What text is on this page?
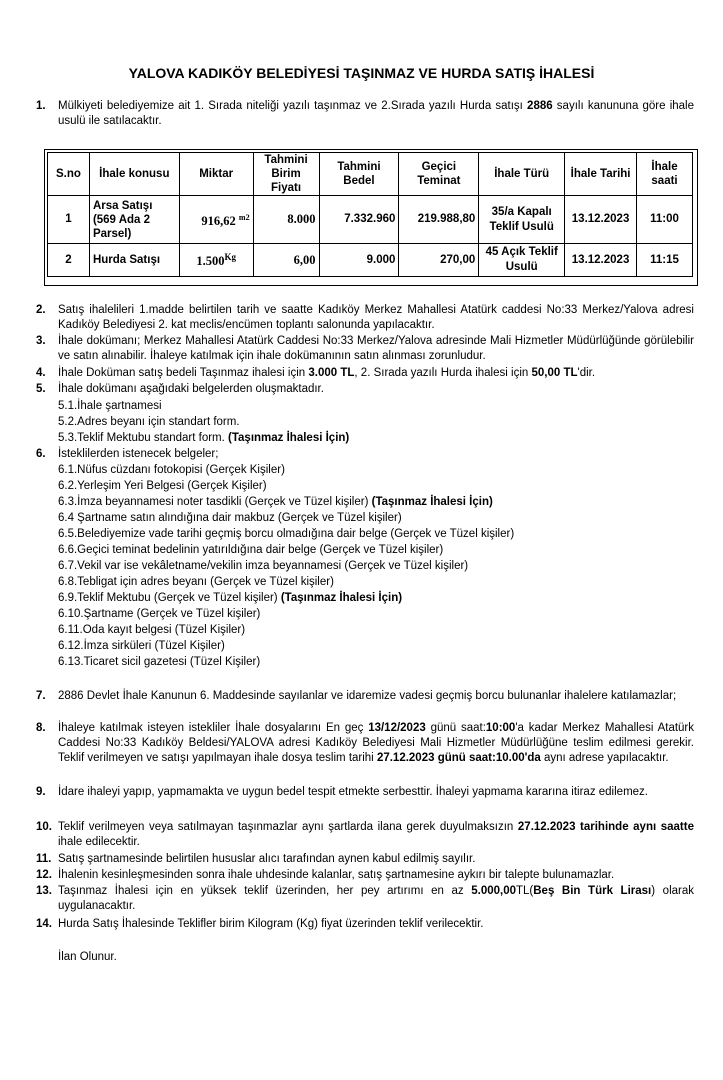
YALOVA KADIKÖY BELEDİYESİ TAŞINMAZ VE HURDA SATIŞ İHALESİ
1.	Mülkiyeti belediyemize ait 1. Sırada niteliği yazılı taşınmaz ve 2.Sırada yazılı Hurda satışı 2886 sayılı kanununa göre ihale usulü ile satılacaktır.
S.no	İhale konusu	Miktar	Tahmini Birim Fiyatı	Tahmini Bedel	Geçici Teminat	İhale Türü	İhale Tarihi	İhale saati
1	Arsa Satışı (569 Ada 2 Parsel)	916,62 $^{m2}$	8.000	7.332.960	219.988,80	35/a Kapalı Teklif Usulü	13.12.2023	11:00
2	Hurda Satışı	$1.500^{Kg}$	6,00	9.000	270,00	45 Açık Teklif Usulü	13.12.2023	11:15
2.	Satış ihalelileri 1.madde belirtilen tarih ve saatte Kadıköy Merkez Mahallesi Atatürk caddesi No:33 Merkez/Yalova adresi Kadıköy Belediyesi 2. kat meclis/encümen toplantı salonunda yapılacaktır.
3.	İhale dokümanı; Merkez Mahallesi Atatürk Caddesi No:33 Merkez/Yalova adresinde Mali Hizmetler Müdürlüğünde görülebilir ve satın alınabilir. İhaleye katılmak için ihale dokümanının satın alınması zorunludur.
4.	İhale Doküman satış bedeli Taşınmaz ihalesi için 3.000 TL, 2. Sırada yazılı Hurda ihalesi için 50,00 TL'dir.
5.	İhale dokümanı aşağıdaki belgelerden oluşmaktadır.
5.1.İhale şartnamesi
5.2.Adres beyanı için standart form.
5.3.Teklif Mektubu standart form. (Taşınmaz İhalesi İçin)
6.	İsteklilerden istenecek belgeler;
6.1.Nüfus cüzdanı fotokopisi (Gerçek Kişiler)
6.2.Yerleşim Yeri Belgesi (Gerçek Kişiler)
6.3.İmza beyannamesi noter tasdikli (Gerçek ve Tüzel kişiler) (Taşınmaz İhalesi İçin)
6.4 Şartname satın alındığına dair makbuz (Gerçek ve Tüzel kişiler)
6.5.Belediyemize vade tarihi geçmiş borcu olmadığına dair belge (Gerçek ve Tüzel kişiler)
6.6.Geçici teminat bedelinin yatırıldığına dair belge (Gerçek ve Tüzel kişiler)
6.7.Vekil var ise vekâletname/vekilin imza beyannamesi (Gerçek ve Tüzel kişiler)
6.8.Tebligat için adres beyanı (Gerçek ve Tüzel kişiler)
6.9.Teklif Mektubu (Gerçek ve Tüzel kişiler) (Taşınmaz İhalesi İçin)
6.10.Şartname (Gerçek ve Tüzel kişiler)
6.11.Oda kayıt belgesi (Tüzel Kişiler)
6.12.İmza sirküleri (Tüzel Kişiler)
6.13.Ticaret sicil gazetesi (Tüzel Kişiler)
7.	2886 Devlet İhale Kanunun 6. Maddesinde sayılanlar ve idaremize vadesi geçmiş borcu bulunanlar ihalelere katılamazlar;
8.	İhaleye katılmak isteyen istekliler İhale dosyalarını En geç 13/12/2023 günü saat:10:00'a kadar Merkez Mahallesi Atatürk Caddesi No:33 Kadıköy Beldesi/YALOVA adresi Kadıköy Belediyesi Mali Hizmetler Müdürlüğüne teslim edilmesi gerekir. Teklif verilmeyen ve satışı yapılmayan ihale dosya teslim tarihi 27.12.2023 günü saat:10.00'da aynı adrese yapılacaktır.
9.	İdare ihaleyi yapıp, yapmamakta ve uygun bedel tespit etmekte serbesttir. İhaleyi yapmama kararına itiraz edilemez.
10. Teklif verilmeyen veya satılmayan taşınmazlar aynı şartlarda ilana gerek duyulmaksızın 27.12.2023 tarihinde aynı saatte ihale edilecektir.
11. Satış şartnamesinde belirtilen hususlar alıcı tarafından aynen kabul edilmiş sayılır.
12. İhalenin kesinleşmesinden sonra ihale uhdesinde kalanlar, satış şartnamesine aykırı bir talepte bulunamazlar.
13. Taşınmaz İhalesi için en yüksek teklif üzerinden, her pey artırımı en az 5.000,00TL(Beş Bin Türk Lirası) olarak uygulanacaktır.
14. Hurda Satış İhalesinde Teklifler birim Kilogram (Kg) fiyat üzerinden teklif verilecektir.
İlan Olunur.
